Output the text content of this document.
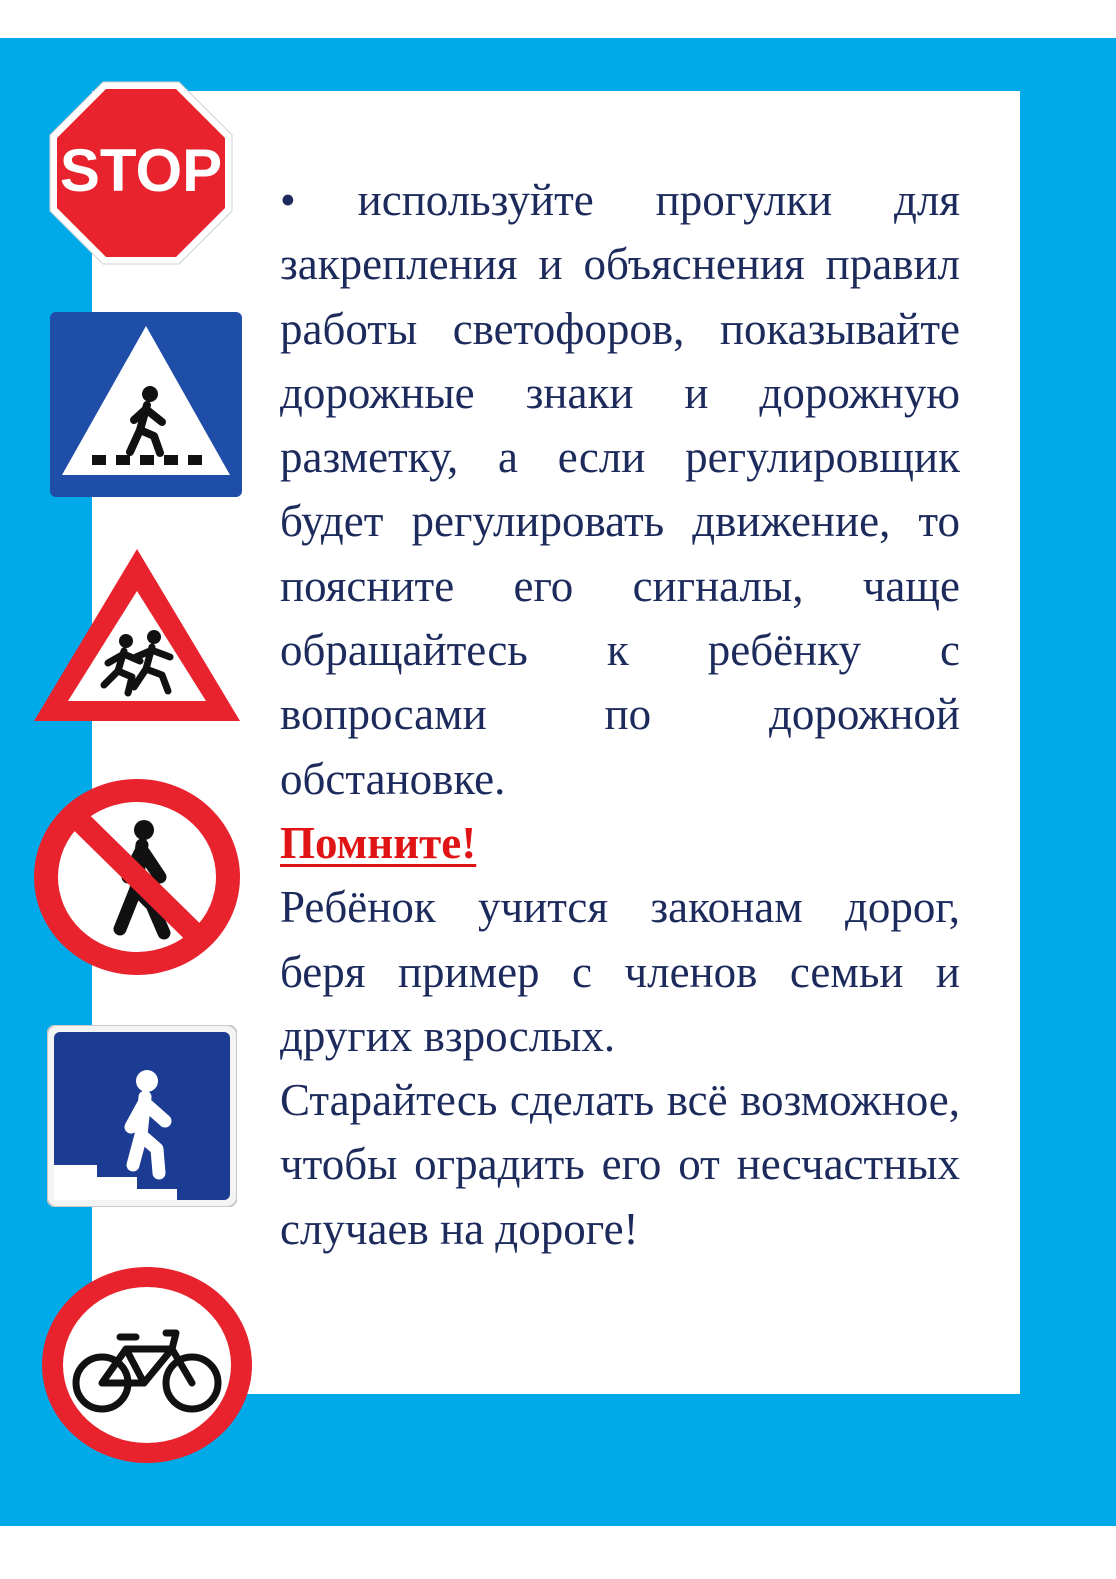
STOP • используйте прогулки для закрепления и объяснения правил работы светофоров, показывайте дорожные знаки и дорожную разметку, а если регулировщик будет регулировать движение, то поясните его сигналы, чаще обращайтесь к ребёнку с вопросами по дорожной обстановке.

Помните!

Ребёнок учится законам дорог, беря пример с членов семьи и других взрослых.

Старайтесь сделать всё возможное, чтобы оградить его от несчастных случаев на дороге!
